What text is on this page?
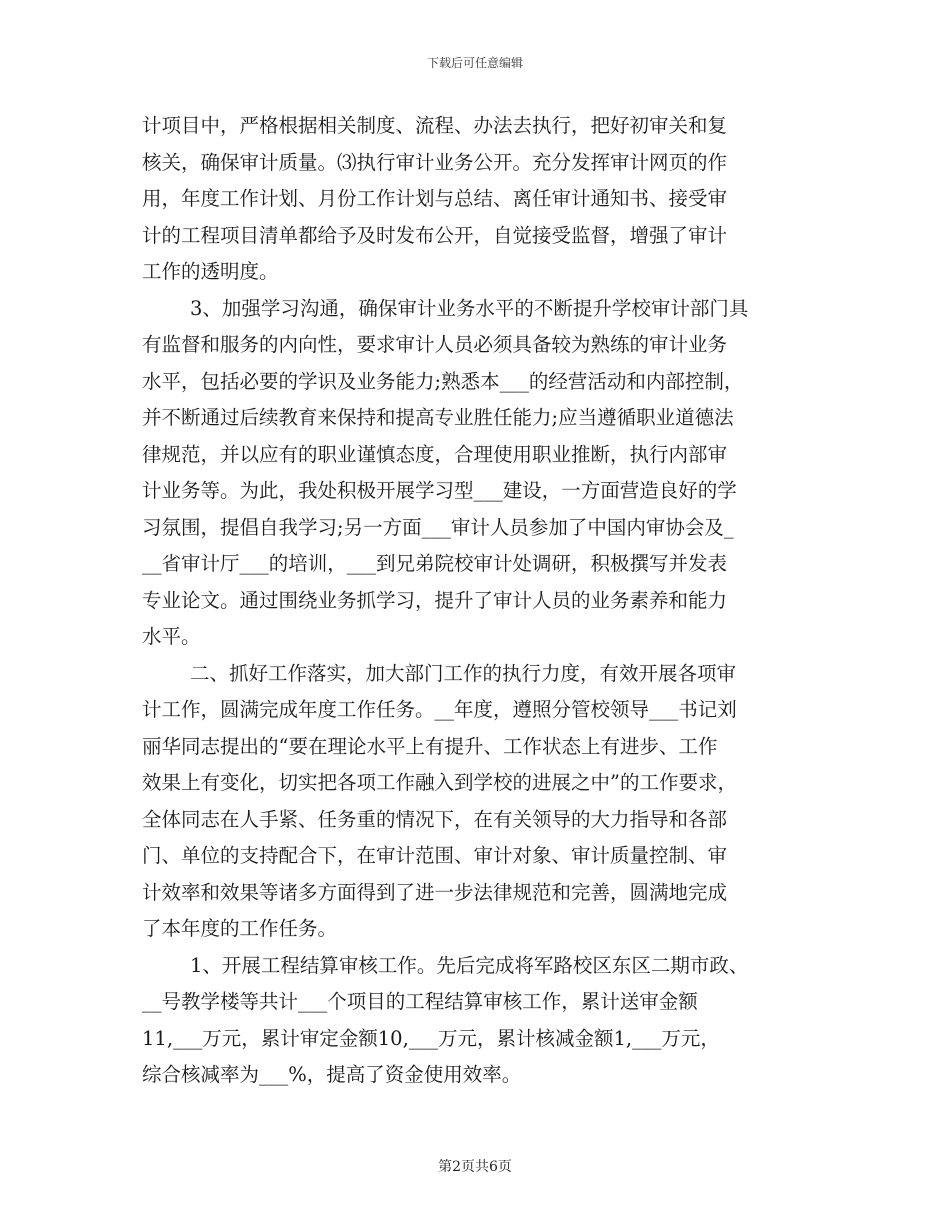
下载后可任意编辑
计项目中，严格根据相关制度、流程、办法去执行，把好初审关和复
核关，确保审计质量。⑶执行审计业务公开。充分发挥审计网页的作
用，年度工作计划、月份工作计划与总结、离任审计通知书、接受审
计的工程项目清单都给予及时发布公开，自觉接受监督，增强了审计
工作的透明度。
3、加强学习沟通，确保审计业务水平的不断提升学校审计部门具
有监督和服务的内向性，要求审计人员必须具备较为熟练的审计业务
水平，包括必要的学识及业务能力;熟悉本___的经营活动和内部控制，
并不断通过后续教育来保持和提高专业胜任能力;应当遵循职业道德法
律规范，并以应有的职业谨慎态度，合理使用职业推断，执行内部审
计业务等。为此，我处积极开展学习型___建设，一方面营造良好的学
习氛围，提倡自我学习;另一方面___审计人员参加了中国内审协会及_
__省审计厅___的培训，___到兄弟院校审计处调研，积极撰写并发表
专业论文。通过围绕业务抓学习，提升了审计人员的业务素养和能力
水平。
二、抓好工作落实，加大部门工作的执行力度，有效开展各项审
计工作，圆满完成年度工作任务。__年度，遵照分管校领导___书记刘
丽华同志提出的“要在理论水平上有提升、工作状态上有进步、工作
效果上有变化，切实把各项工作融入到学校的进展之中”的工作要求，
全体同志在人手紧、任务重的情况下，在有关领导的大力指导和各部
门、单位的支持配合下，在审计范围、审计对象、审计质量控制、审
计效率和效果等诸多方面得到了进一步法律规范和完善，圆满地完成
了本年度的工作任务。
1、开展工程结算审核工作。先后完成将军路校区东区二期市政、
__号教学楼等共计___个项目的工程结算审核工作，累计送审金额
11,___万元，累计审定金额10,___万元，累计核减金额1,___万元，
综合核减率为___%，提高了资金使用效率。
第2页共6页
